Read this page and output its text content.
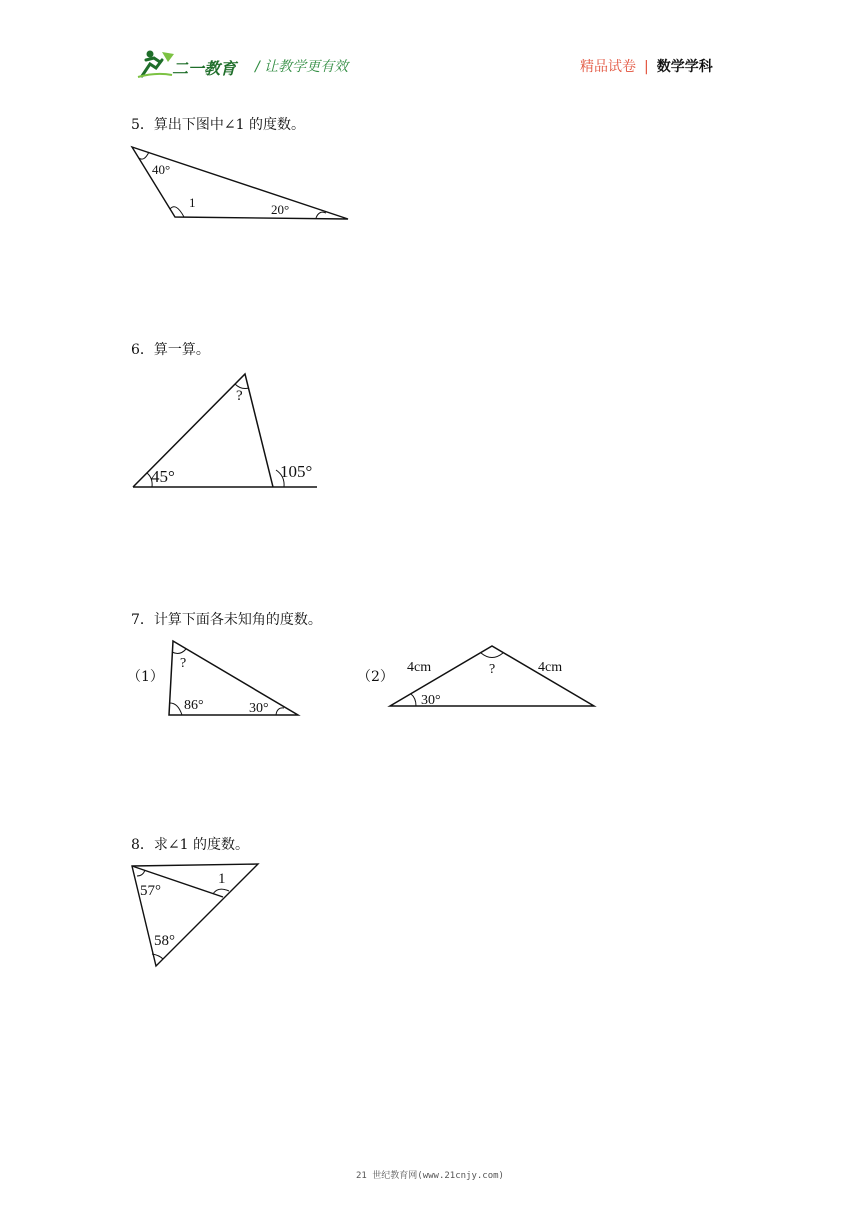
二一教育 / 让教学更有效	精品试卷 | 数学学科
5．算出下图中∠1 的度数。
40°
1	20°
6．算一算。
?
45°	105°
7．计算下面各未知角的度数。
（1）
?
86°	30°
（2）
4cm	?	4cm
30°
8．求∠1 的度数。
57°
1
58°
21 世纪教育网(www.21cnjy.com)
